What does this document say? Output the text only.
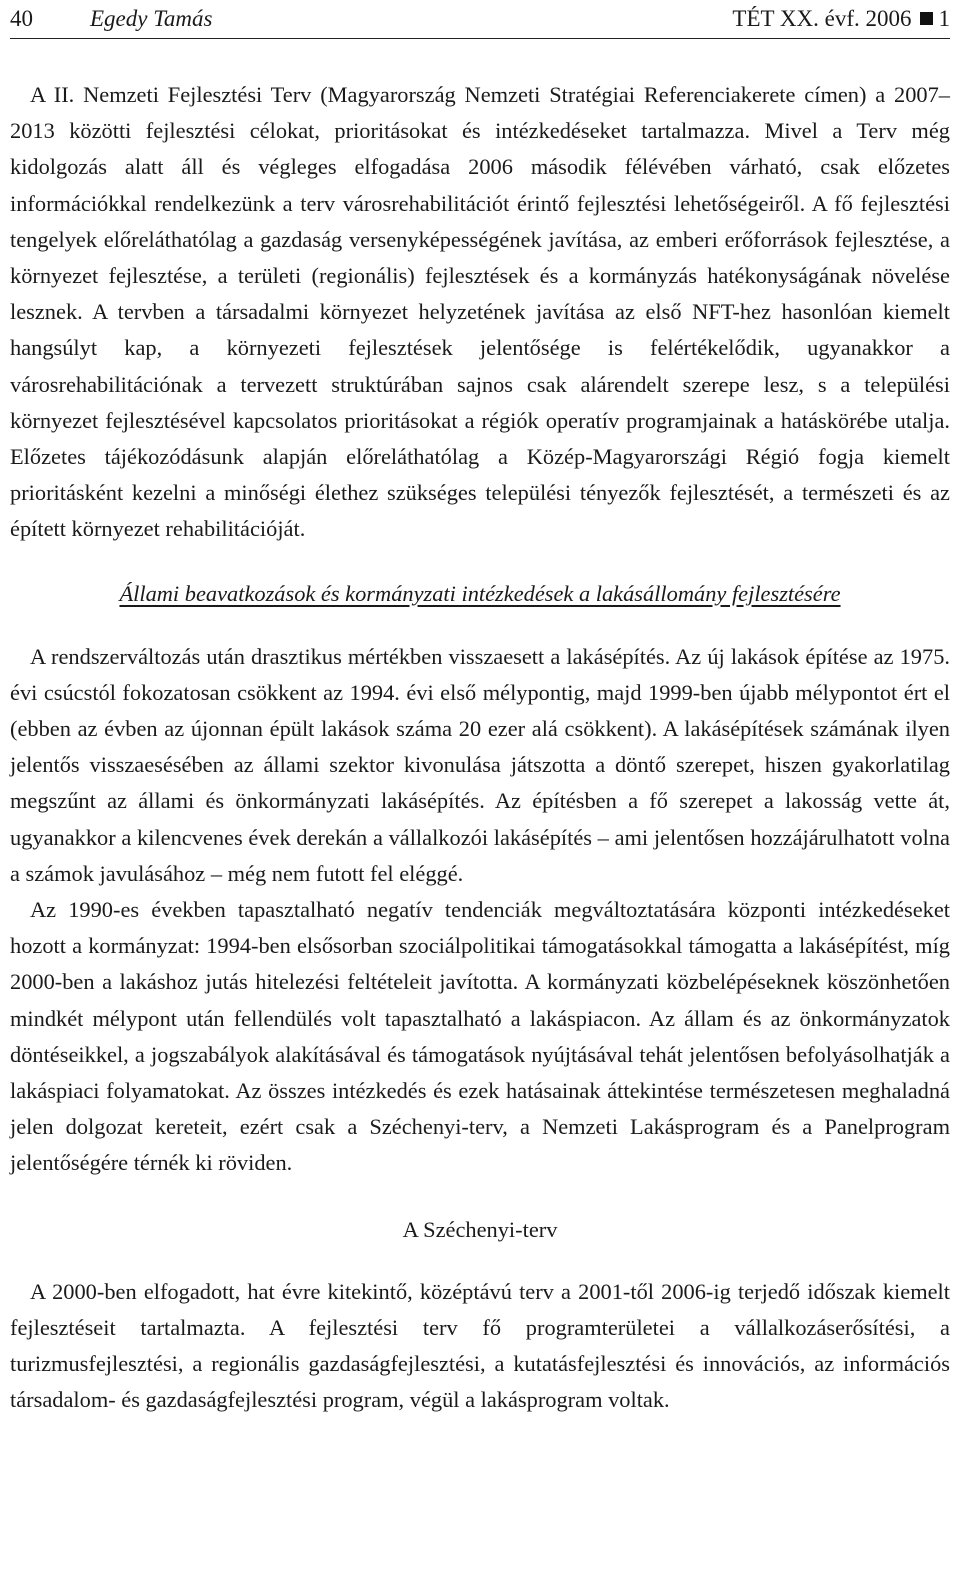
40 Egedy Tamás	TÉT XX. évf. 2006 1

A II. Nemzeti Fejlesztési Terv (Magyarország Nemzeti Stratégiai Referenciakerete címen) a 2007–2013 közötti fejlesztési célokat, prioritásokat és intézkedéseket tartalmazza. Mivel a Terv még kidolgozás alatt áll és végleges elfogadása 2006 második félévében várható, csak előzetes információkkal rendelkezünk a terv városrehabilitációt érintő fejlesztési lehetőségeiről. A fő fejlesztési tengelyek előreláthatólag a gazdaság versenyképességének javítása, az emberi erőforrások fejlesztése, a környezet fejlesztése, a területi (regionális) fejlesztések és a kormányzás hatékonyságának növelése lesznek. A tervben a társadalmi környezet helyzetének javítása az első NFT-hez hasonlóan kiemelt hangsúlyt kap, a környezeti fejlesztések jelentősége is felértékelődik, ugyanakkor a városrehabilitációnak a tervezett struktúrában sajnos csak alárendelt szerepe lesz, s a települési környezet fejlesztésével kapcsolatos prioritásokat a régiók operatív programjainak a hatáskörébe utalja. Előzetes tájékozódásunk alapján előreláthatólag a Közép-Magyarországi Régió fogja kiemelt prioritásként kezelni a minőségi élethez szükséges települési tényezők fejlesztését, a természeti és az épített környezet rehabilitációját.

Állami beavatkozások és kormányzati intézkedések a lakásállomány fejlesztésére

A rendszerváltozás után drasztikus mértékben visszaesett a lakásépítés. Az új lakások építése az 1975. évi csúcstól fokozatosan csökkent az 1994. évi első mélypontig, majd 1999-ben újabb mélypontot ért el (ebben az évben az újonnan épült lakások száma 20 ezer alá csökkent). A lakásépítések számának ilyen jelentős visszaesésében az állami szektor kivonulása játszotta a döntő szerepet, hiszen gyakorlatilag megszűnt az állami és önkormányzati lakásépítés. Az építésben a fő szerepet a lakosság vette át, ugyanakkor a kilencvenes évek derekán a vállalkozói lakásépítés – ami jelentősen hozzájárulhatott volna a számok javulásához – még nem futott fel eléggé.

Az 1990-es években tapasztalható negatív tendenciák megváltoztatására központi intézkedéseket hozott a kormányzat: 1994-ben elsősorban szociálpolitikai támogatásokkal támogatta a lakásépítést, míg 2000-ben a lakáshoz jutás hitelezési feltételeit javította. A kormányzati közbelépéseknek köszönhetően mindkét mélypont után fellendülés volt tapasztalható a lakáspiacon. Az állam és az önkormányzatok döntéseikkel, a jogszabályok alakításával és támogatások nyújtásával tehát jelentősen befolyásolhatják a lakáspiaci folyamatokat. Az összes intézkedés és ezek hatásainak áttekintése természetesen meghaladná jelen dolgozat kereteit, ezért csak a Széchenyi-terv, a Nemzeti Lakásprogram és a Panelprogram jelentőségére térnék ki röviden.

A Széchenyi-terv

A 2000-ben elfogadott, hat évre kitekintő, középtávú terv a 2001-től 2006-ig terjedő időszak kiemelt fejlesztéseit tartalmazta. A fejlesztési terv fő programterületei a vállalkozáserősítési, a turizmusfejlesztési, a regionális gazdaságfejlesztési, a kutatásfejlesztési és innovációs, az információs társadalom- és gazdaságfejlesztési program, végül a lakásprogram voltak.
